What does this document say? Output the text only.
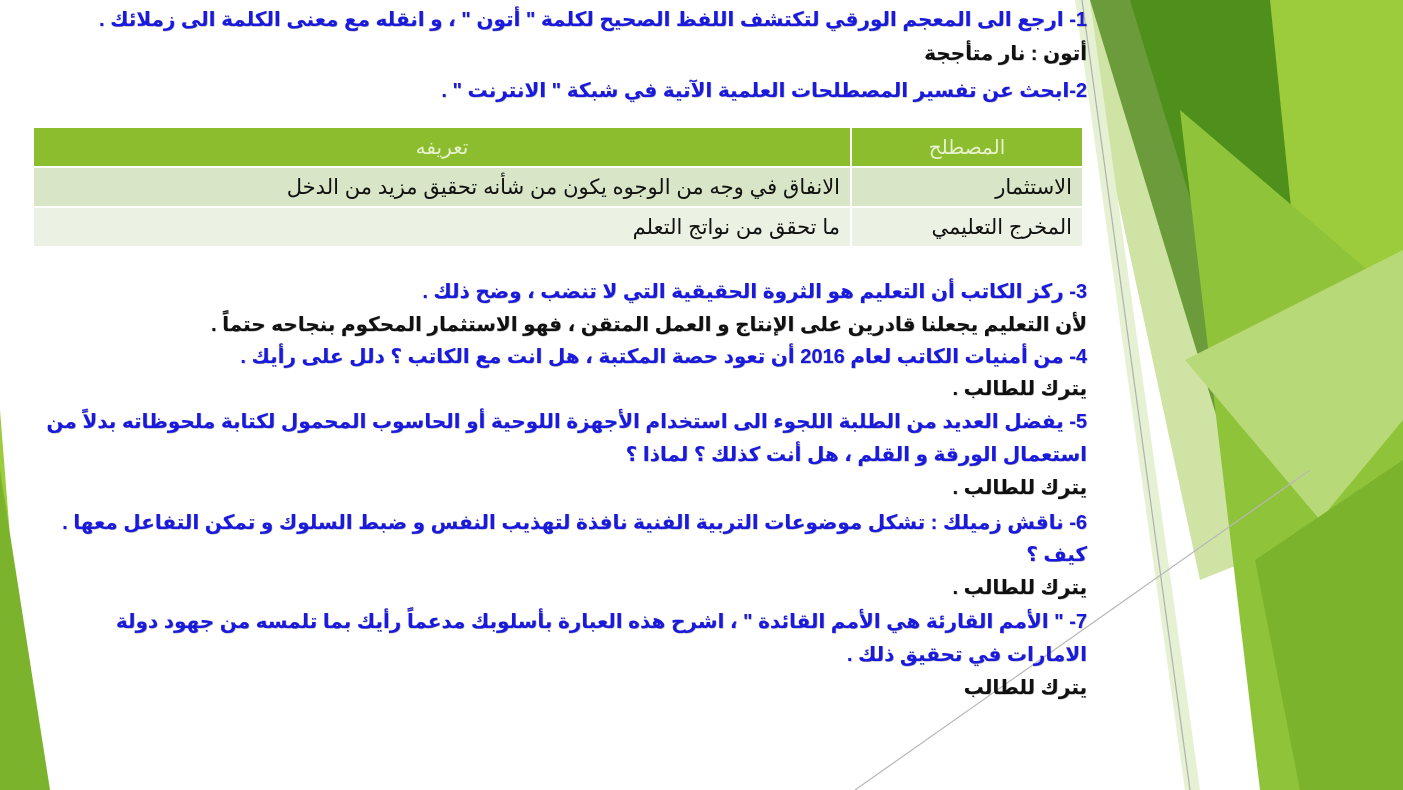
1- ارجع الى المعجم الورقي لتكتشف اللفظ الصحيح لكلمة " أتون " ، و انقله مع معنى الكلمة الى زملائك .
أتون : نار متأججة
2-ابحث عن تفسير المصطلحات العلمية الآتية في شبكة " الانترنت " .
المصطلح	تعريفه
الاستثمار	الانفاق في وجه من الوجوه يكون من شأنه تحقيق مزيد من الدخل
المخرج التعليمي	ما تحقق من نواتج التعلم
3- ركز الكاتب أن التعليم هو الثروة الحقيقية التي لا تنضب ، وضح ذلك .
لأن التعليم يجعلنا قادرين على الإنتاج و العمل المتقن ، فهو الاستثمار المحكوم بنجاحه حتماً .
4- من أمنيات الكاتب لعام 2016 أن تعود حصة المكتبة ، هل انت مع الكاتب ؟ دلل على رأيك .
يترك للطالب .
5- يفضل العديد من الطلبة اللجوء الى استخدام الأجهزة اللوحية أو الحاسوب المحمول لكتابة ملحوظاته بدلاً من
استعمال الورقة و القلم ، هل أنت كذلك ؟ لماذا ؟
يترك للطالب .
6- ناقش زميلك : تشكل موضوعات التربية الفنية نافذة لتهذيب النفس و ضبط السلوك و تمكن التفاعل معها .
كيف ؟
يترك للطالب .
7- " الأمم القارئة هي الأمم القائدة " ، اشرح هذه العبارة بأسلوبك مدعماً رأيك بما تلمسه من جهود دولة
الامارات في تحقيق ذلك .
يترك للطالب
